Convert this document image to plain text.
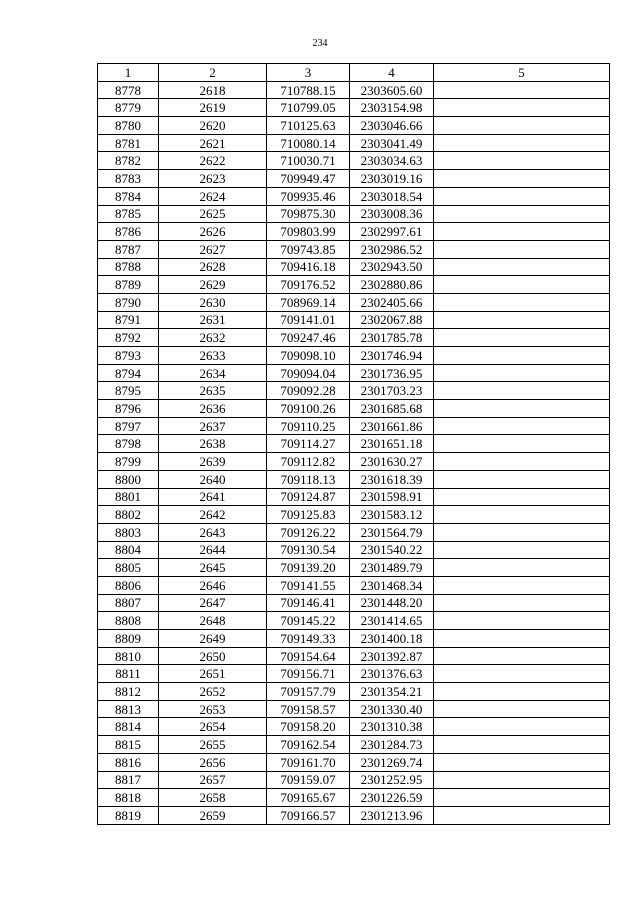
234
1	2	3	4	5
8778	2618	710788.15	2303605.60	
8779	2619	710799.05	2303154.98	
8780	2620	710125.63	2303046.66	
8781	2621	710080.14	2303041.49	
8782	2622	710030.71	2303034.63	
8783	2623	709949.47	2303019.16	
8784	2624	709935.46	2303018.54	
8785	2625	709875.30	2303008.36	
8786	2626	709803.99	2302997.61	
8787	2627	709743.85	2302986.52	
8788	2628	709416.18	2302943.50	
8789	2629	709176.52	2302880.86	
8790	2630	708969.14	2302405.66	
8791	2631	709141.01	2302067.88	
8792	2632	709247.46	2301785.78	
8793	2633	709098.10	2301746.94	
8794	2634	709094.04	2301736.95	
8795	2635	709092.28	2301703.23	
8796	2636	709100.26	2301685.68	
8797	2637	709110.25	2301661.86	
8798	2638	709114.27	2301651.18	
8799	2639	709112.82	2301630.27	
8800	2640	709118.13	2301618.39	
8801	2641	709124.87	2301598.91	
8802	2642	709125.83	2301583.12	
8803	2643	709126.22	2301564.79	
8804	2644	709130.54	2301540.22	
8805	2645	709139.20	2301489.79	
8806	2646	709141.55	2301468.34	
8807	2647	709146.41	2301448.20	
8808	2648	709145.22	2301414.65	
8809	2649	709149.33	2301400.18	
8810	2650	709154.64	2301392.87	
8811	2651	709156.71	2301376.63	
8812	2652	709157.79	2301354.21	
8813	2653	709158.57	2301330.40	
8814	2654	709158.20	2301310.38	
8815	2655	709162.54	2301284.73	
8816	2656	709161.70	2301269.74	
8817	2657	709159.07	2301252.95	
8818	2658	709165.67	2301226.59	
8819	2659	709166.57	2301213.96	
